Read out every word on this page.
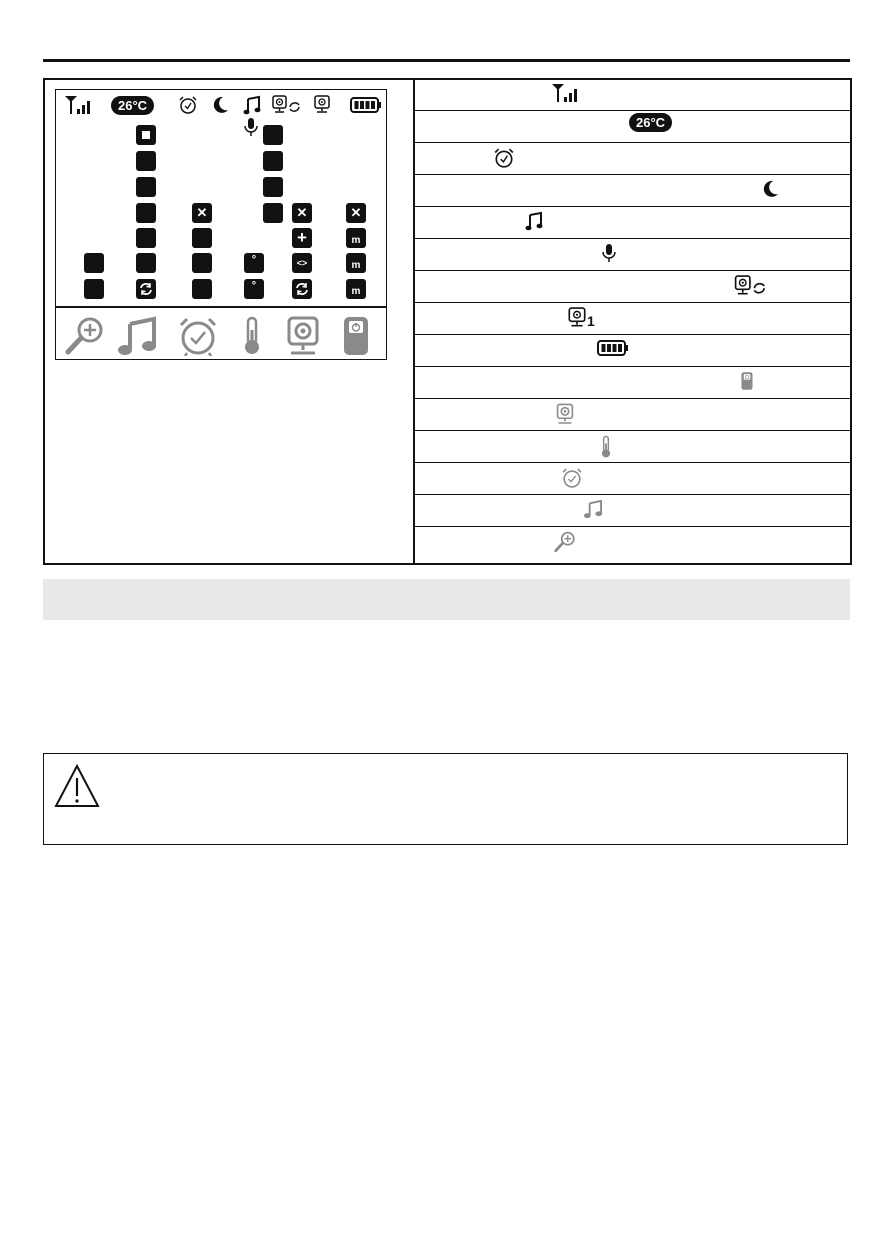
26°C
✕
°
°
✕
+
<>
✕
m
m
m
26°C
1
